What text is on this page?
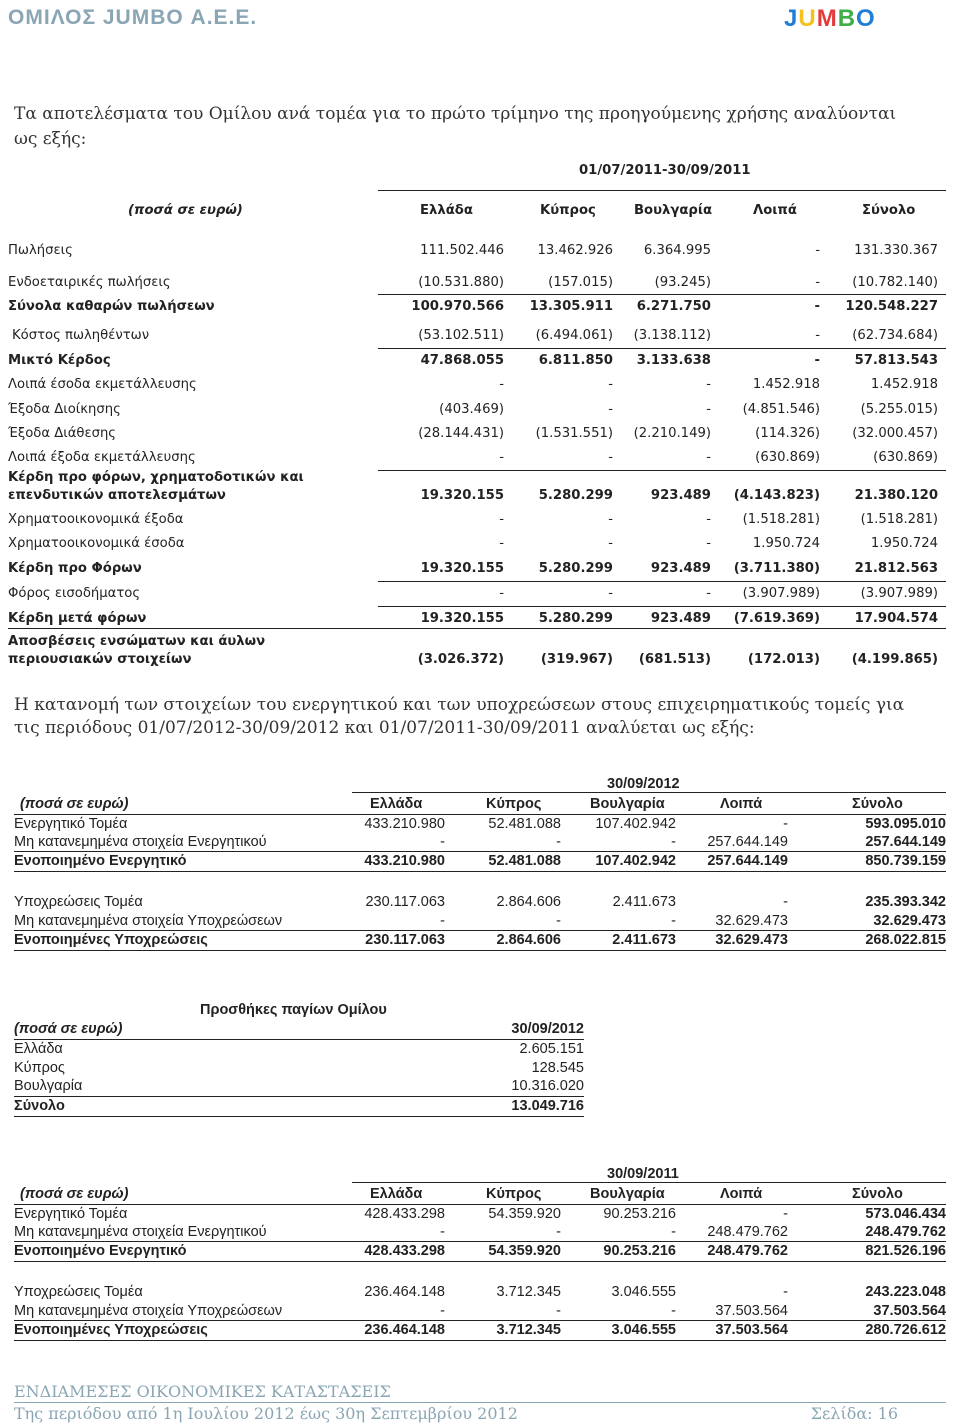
ΟΜΙΛΟΣ JUMBO Α.Ε.Ε.	JUMBO
Τα αποτελέσματα του Ομίλου ανά τομέα για το πρώτο τρίμηνο της προηγούμενης χρήσης αναλύονται ως εξής:
01/07/2011-30/09/2011
(ποσά σε ευρώ)	Ελλάδα	Κύπρος	Βουλγαρία	Λοιπά	Σύνολο
Πωλήσεις	111.502.446	13.462.926 6.364.995	-	131.330.367
Ενδοεταιρικές πωλήσεις	(10.531.880)	(157.015)	(93.245)	- (10.782.140)
Σύνολα καθαρών πωλήσεων	100.970.566 13.305.911 6.271.750	- 120.548.227
Κόστος πωληθέντων	(53.102.511) (6.494.061) (3.138.112)	- (62.734.684)
Μικτό Κέρδος	47.868.055	6.811.850 3.133.638	-	57.813.543
Λοιπά έσοδα εκμετάλλευσης	-	-	-	1.452.918	1.452.918
Έξοδα Διοίκησης	(403.469)	-	- (4.851.546)	(5.255.015)
Έξοδα Διάθεσης	(28.144.431) (1.531.551) (2.210.149)	(114.326) (32.000.457)
Λοιπά έξοδα εκμετάλλευσης	-	-	-	(630.869)	(630.869)
Κέρδη προ φόρων, χρηματοδοτικών και
επενδυτικών αποτελεσμάτων	19.320.155	5.280.299	923.489 (4.143.823)	21.380.120
Χρηματοοικονομικά έξοδα	-	-	- (1.518.281)	(1.518.281)
Χρηματοοικονομικά έσοδα	-	-	-	1.950.724	1.950.724
Κέρδη προ Φόρων	19.320.155	5.280.299	923.489 (3.711.380)	21.812.563
Φόρος εισοδήματος	-	-	- (3.907.989)	(3.907.989)
Κέρδη μετά φόρων	19.320.155	5.280.299	923.489 (7.619.369)	17.904.574
Αποσβέσεις ενσώματων και άυλων
περιουσιακών στοιχείων	(3.026.372)	(319.967) (681.513)	(172.013) (4.199.865)
Η κατανομή των στοιχείων του ενεργητικού και των υποχρεώσεων στους επιχειρηματικούς τομείς για τις περιόδους 01/07/2012-30/09/2012 και 01/07/2011-30/09/2011 αναλύεται ως εξής:
30/09/2012
(ποσά σε ευρώ)	Ελλάδα	Κύπρος	Βουλγαρία	Λοιπά	Σύνολο
Ενεργητικό Τομέα	433.210.980	52.481.088 107.402.942	-	593.095.010
Μη κατανεμημένα στοιχεία Ενεργητικού	-	-	- 257.644.149	257.644.149
Ενοποιημένο Ενεργητικό	433.210.980	52.481.088 107.402.942 257.644.149	850.739.159
Υποχρεώσεις Τομέα	230.117.063	2.864.606	2.411.673	-	235.393.342
Μη κατανεμημένα στοιχεία Υποχρεώσεων	-	-	-	32.629.473	32.629.473
Ενοποιημένες Υποχρεώσεις	230.117.063	2.864.606	2.411.673	32.629.473	268.022.815
Προσθήκες παγίων Ομίλου
(ποσά σε ευρώ)	30/09/2012
Ελλάδα	2.605.151
Κύπρος	128.545
Βουλγαρία	10.316.020
Σύνολο	13.049.716
30/09/2011
(ποσά σε ευρώ)	Ελλάδα	Κύπρος	Βουλγαρία	Λοιπά	Σύνολο
Ενεργητικό Τομέα	428.433.298	54.359.920	90.253.216	-	573.046.434
Μη κατανεμημένα στοιχεία Ενεργητικού	-	-	- 248.479.762	248.479.762
Ενοποιημένο Ενεργητικό	428.433.298	54.359.920	90.253.216 248.479.762	821.526.196
Υποχρεώσεις Τομέα	236.464.148	3.712.345	3.046.555	-	243.223.048
Μη κατανεμημένα στοιχεία Υποχρεώσεων	-	-	-	37.503.564	37.503.564
Ενοποιημένες Υποχρεώσεις	236.464.148	3.712.345	3.046.555	37.503.564	280.726.612
ΕΝΔΙΑΜΕΣΕΣ ΟΙΚΟΝΟΜΙΚΕΣ ΚΑΤΑΣΤΑΣΕΙΣ
Της περιόδου από 1η Ιουλίου 2012 έως 30η Σεπτεμβρίου 2012	Σελίδα: 16
